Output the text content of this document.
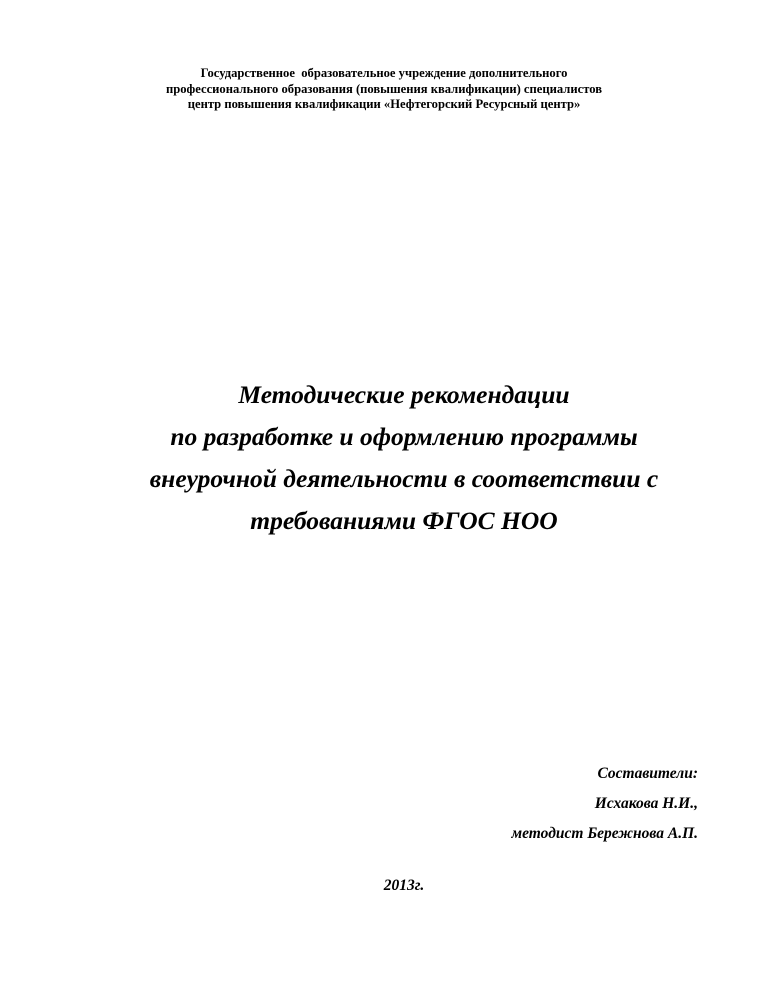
Государственное  образовательное учреждение дополнительного
профессионального образования (повышения квалификации) специалистов
центр повышения квалификации «Нефтегорский Ресурсный центр»
Методические рекомендации
по разработке и оформлению программы
внеурочной деятельности в соответствии с
требованиями ФГОС НОО
Составители:
Исхакова Н.И.,
методист Бережнова А.П.
2013г.
